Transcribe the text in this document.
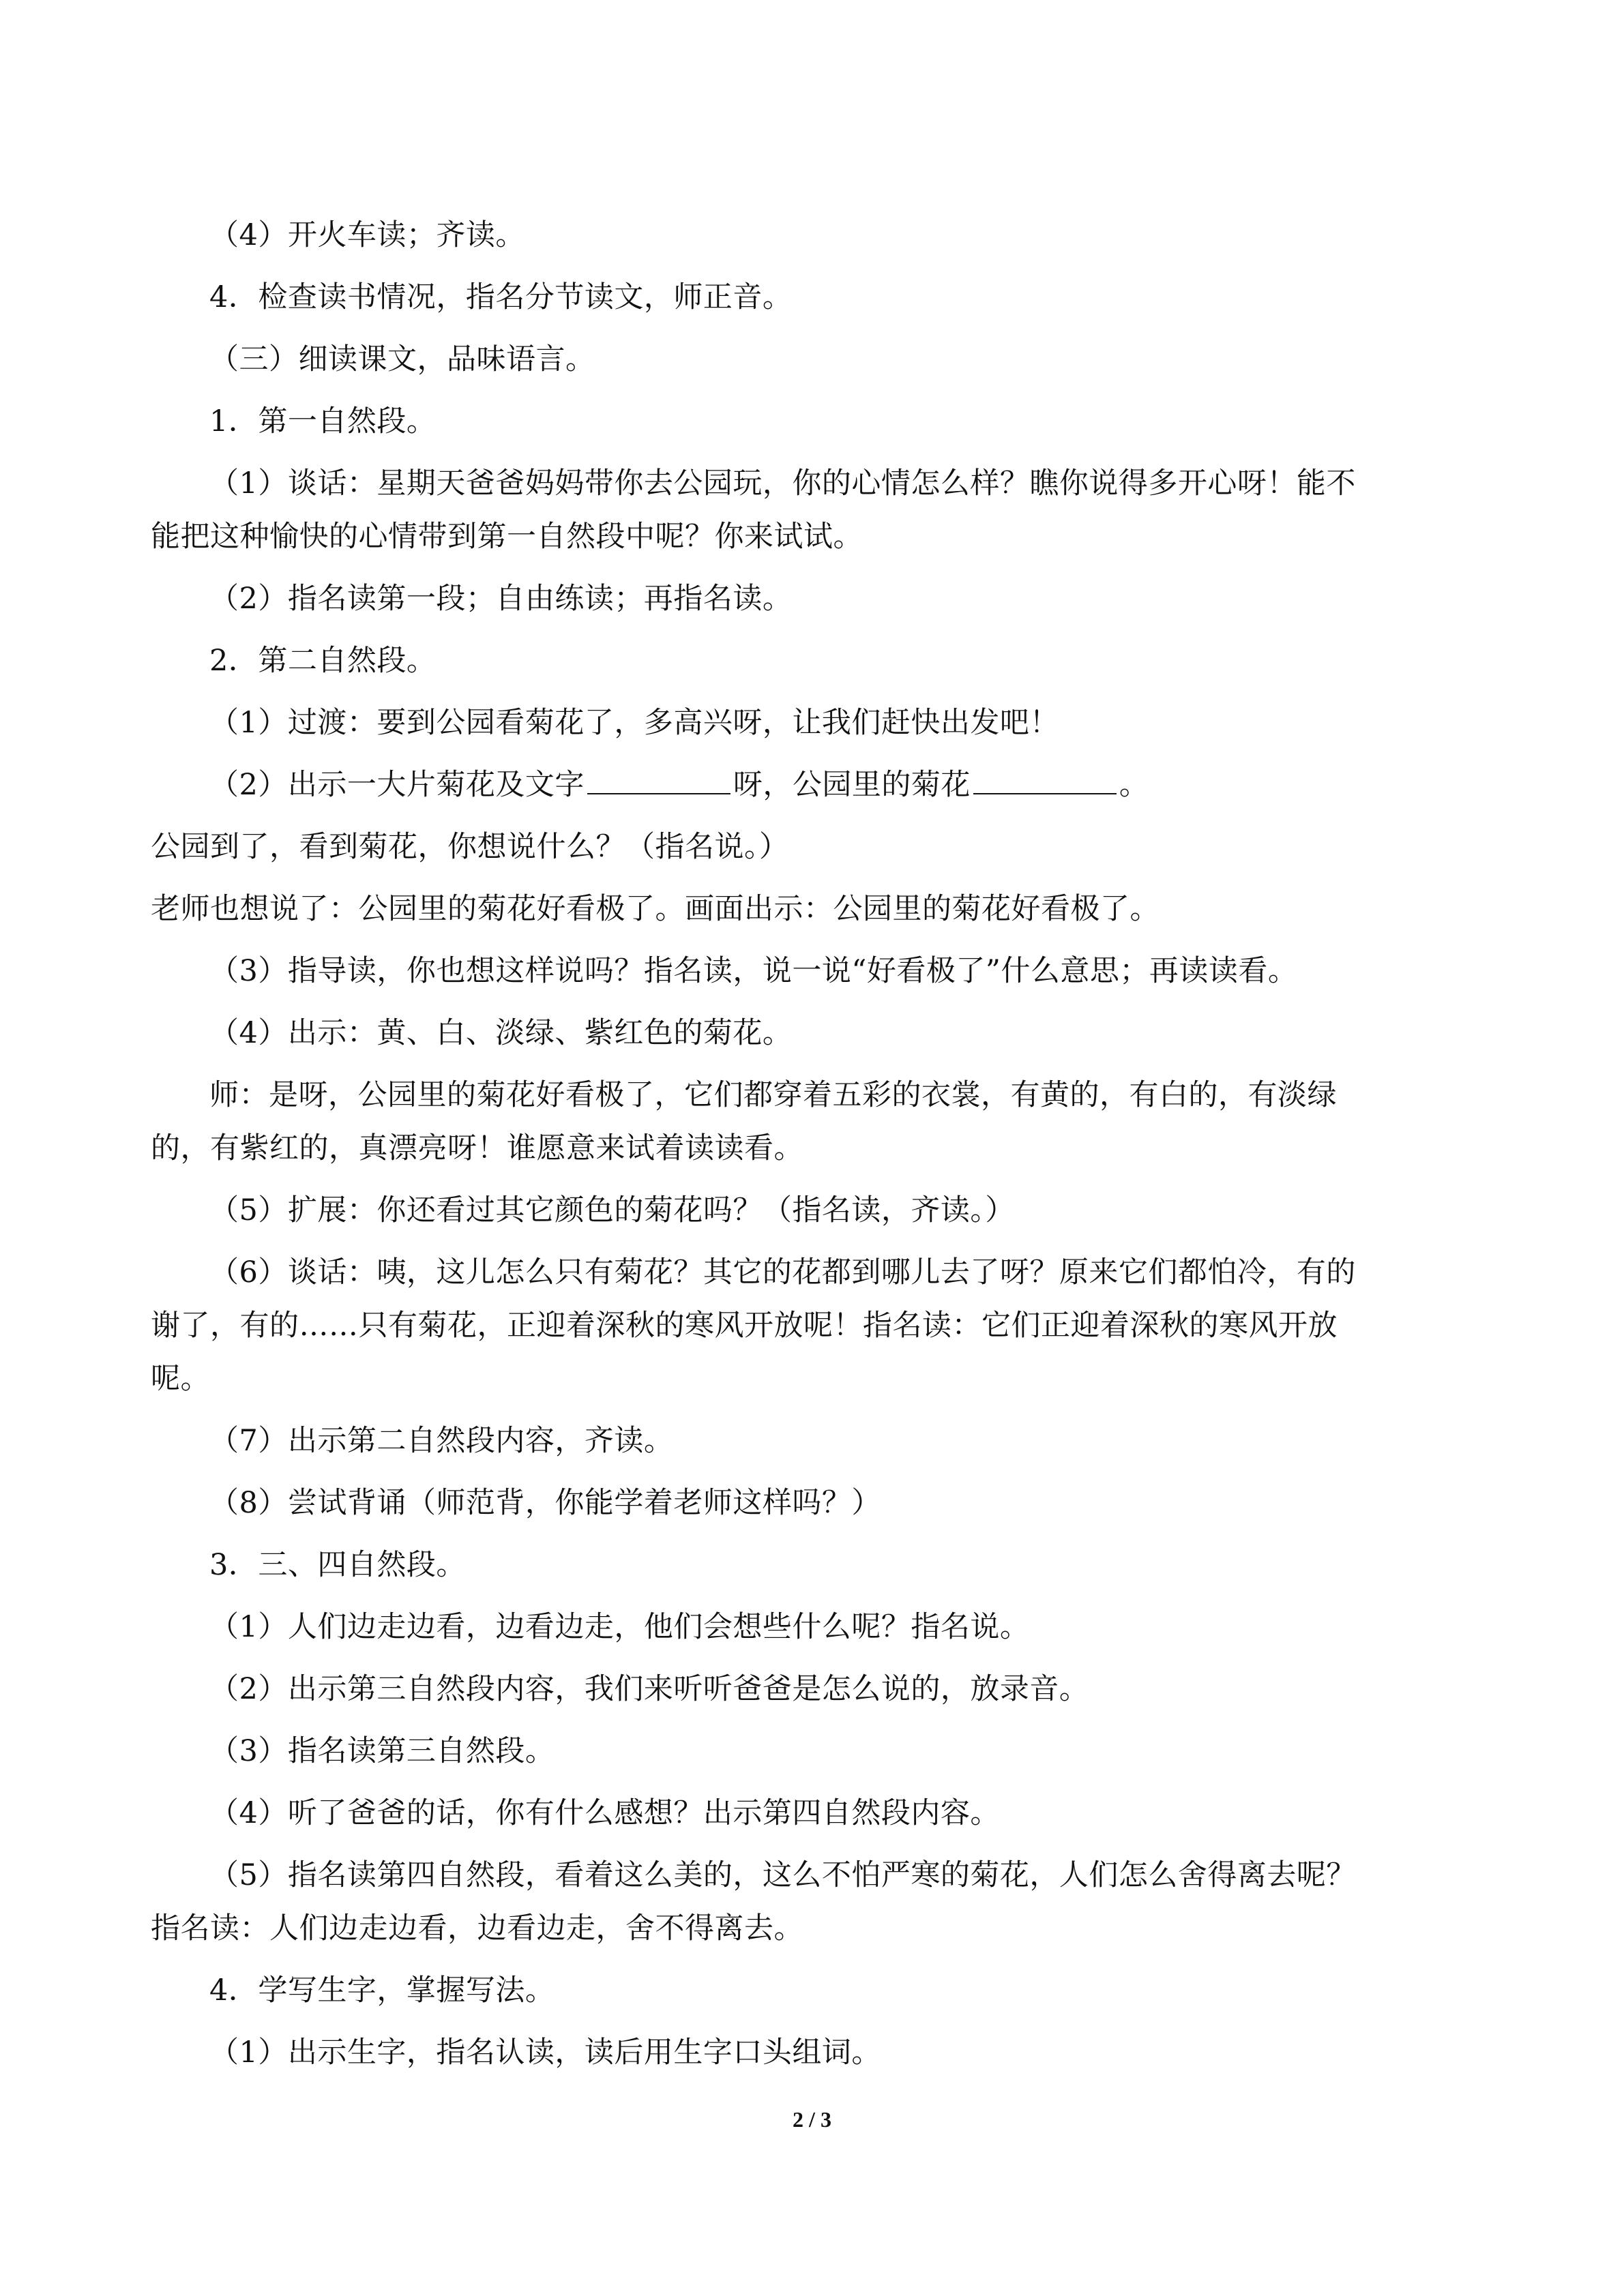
（4）开火车读；齐读。
4．检查读书情况，指名分节读文，师正音。
（三）细读课文，品味语言。
1．第一自然段。
（1）谈话：星期天爸爸妈妈带你去公园玩，你的心情怎么样？瞧你说得多开心呀！能不
能把这种愉快的心情带到第一自然段中呢？你来试试。
（2）指名读第一段；自由练读；再指名读。
2．第二自然段。
（1）过渡：要到公园看菊花了，多高兴呀，让我们赶快出发吧！
（2）出示一大片菊花及文字	呀，公园里的菊花	。
公园到了，看到菊花，你想说什么？（指名说。）
老师也想说了：公园里的菊花好看极了。画面出示：公园里的菊花好看极了。
（3）指导读，你也想这样说吗？指名读，说一说“好看极了”什么意思；再读读看。
（4）出示：黄、白、淡绿、紫红色的菊花。
师：是呀，公园里的菊花好看极了，它们都穿着五彩的衣裳，有黄的，有白的，有淡绿
的，有紫红的，真漂亮呀！谁愿意来试着读读看。
（5）扩展：你还看过其它颜色的菊花吗？（指名读，齐读。）
（6）谈话：咦，这儿怎么只有菊花？其它的花都到哪儿去了呀？原来它们都怕冷，有的
谢了，有的……只有菊花，正迎着深秋的寒风开放呢！指名读：它们正迎着深秋的寒风开放
呢。
（7）出示第二自然段内容，齐读。
（8）尝试背诵（师范背，你能学着老师这样吗？）
3．三、四自然段。
（1）人们边走边看，边看边走，他们会想些什么呢？指名说。
（2）出示第三自然段内容，我们来听听爸爸是怎么说的，放录音。
（3）指名读第三自然段。
（4）听了爸爸的话，你有什么感想？出示第四自然段内容。
（5）指名读第四自然段，看着这么美的，这么不怕严寒的菊花，人们怎么舍得离去呢？
指名读：人们边走边看，边看边走，舍不得离去。
4．学写生字，掌握写法。
（1）出示生字，指名认读，读后用生字口头组词。
2 / 3
